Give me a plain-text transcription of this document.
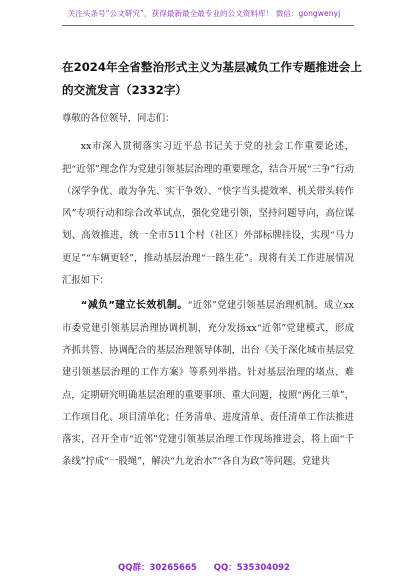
关注头条号“公文研究”，获得最新最全最专业的公文资料库！ 微信：gongwenyj
在2024年全省整治形式主义为基层减负工作专题推进会上的交流发言（2332字）

尊敬的各位领导，同志们：

xx市深入贯彻落实习近平总书记关于党的社会工作重要论述，把“近邻”理念作为党建引领基层治理的重要理念，结合开展“三争”行动（深学争优、敢为争先、实干争效）、“快字当头提效率、机关带头转作风”专项行动和综合改革试点，强化党建引领，坚持问题导向，高位谋划、高效推进，统一全市511个村（社区）外部标牌挂设，实现“马力更足”“车辆更轻”，推动基层治理“一路生花”。现将有关工作进展情况汇报如下：

“减负”建立长效机制。“近邻”党建引领基层治理机制。成立xx市委党建引领基层治理协调机制，充分发扬xx“近邻”党建模式，形成齐抓共管、协调配合的基层治理领导体制，出台《关于深化城市基层党建引领基层治理的工作方案》等系列举措。针对基层治理的堵点、难点，定期研究明确基层治理的重要事项、重大问题，按照“两化三单”，工作项目化、项目清单化；任务清单、进度清单、责任清单工作法推进落实，召开全市“近邻”党建引领基层治理工作现场推进会，将上面“千条线”拧成“一股绳”，解决“九龙治水”“各自为政”等问题。党建共

QQ群：30265665 QQ：535304092
